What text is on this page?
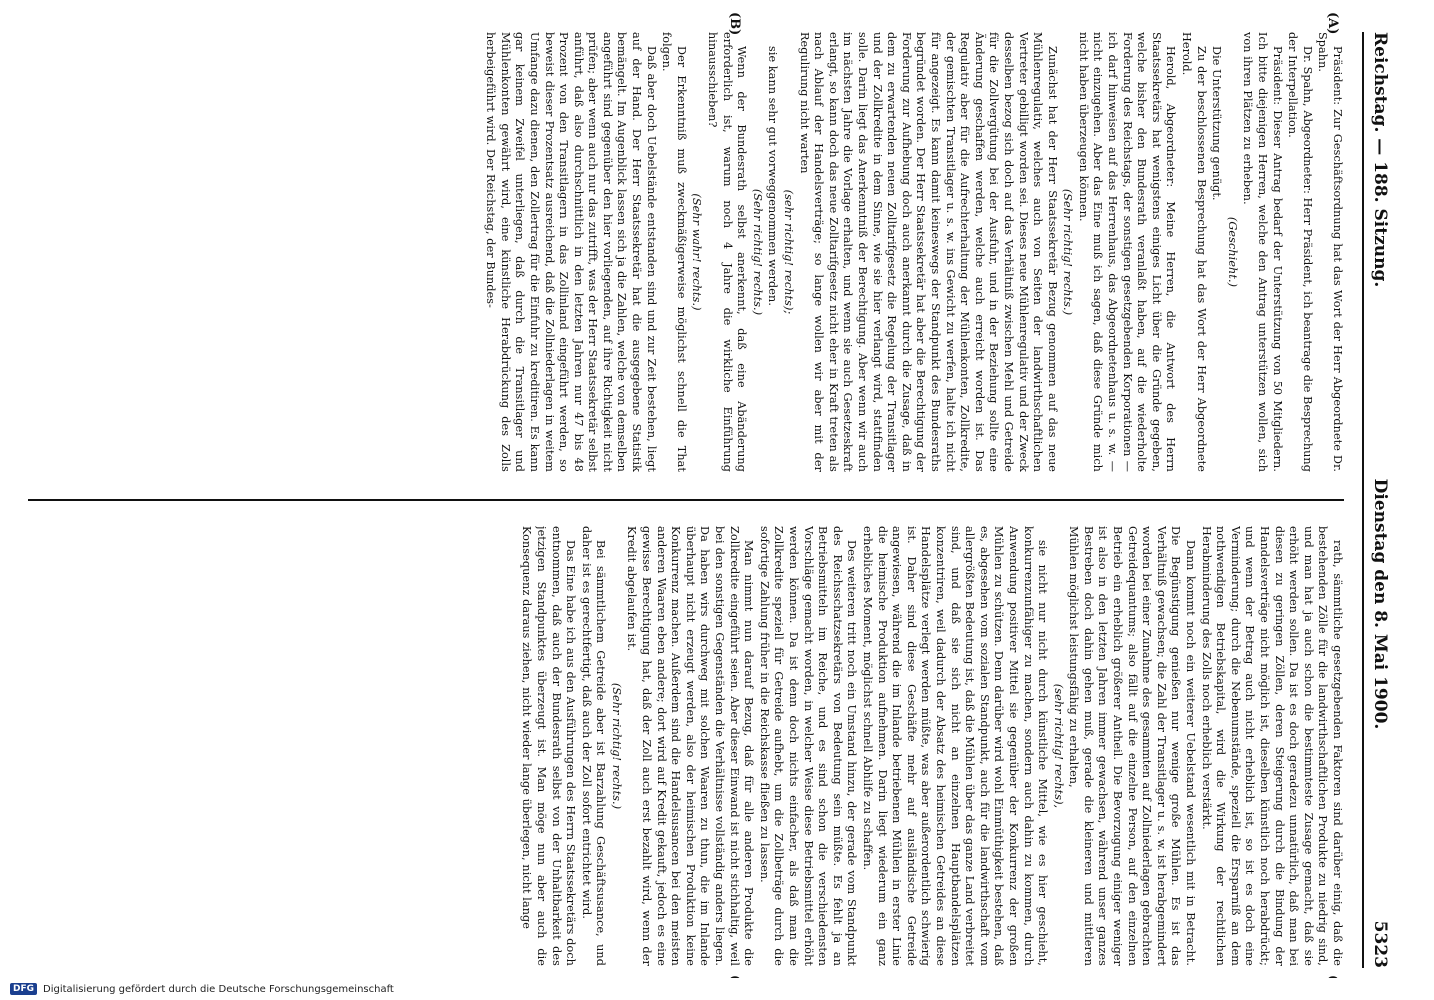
Reichstag. — 188. Sitzung.
Dienstag den 8. Mai 1900.
5323
(A)
(B)

Präsident: Zur Geschäftsordnung hat das Wort der Herr Abgeordnete Dr. Spahn.

Dr. Spahn, Abgeordneter: Herr Präsident, ich beantrage die Besprechung der Interpellation.

Präsident: Dieser Antrag bedarf der Unterstützung von 50 Mitgliedern. Ich bitte diejenigen Herren, welche den Antrag unterstützen wollen, sich von ihren Plätzen zu erheben.

(Geschieht.)

Die Unterstützung genügt.

Zu der beschlossenen Besprechung hat das Wort der Herr Abgeordnete Herold.

Herold, Abgeordneter: Meine Herren, die Antwort des Herrn Staatssekretärs hat wenigstens einiges Licht über die Gründe gegeben, welche bisher den Bundesrath veranlaßt haben, auf die wiederholte Forderung des Reichstags, der sonstigen gesetzgebenden Korporationen — ich darf hinweisen auf das Herrenhaus, das Abgeordnetenhaus u. s. w. — nicht einzugehen. Aber das Eine muß ich sagen, daß diese Gründe mich nicht haben überzeugen können.

(Sehr richtig! rechts.)

Zunächst hat der Herr Staatssekretär Bezug genommen auf das neue Mühlenregulativ, welches auch von Seiten der landwirthschaftlichen Vertreter gebilligt worden sei. Dieses neue Mühlenregulativ und der Zweck desselben bezog sich doch auf das Verhältniß zwischen Mehl und Getreide für die Zollvergütung bei der Ausfuhr, und in der Beziehung sollte eine Änderung geschaffen werden, welche auch erreicht worden ist. Das Regulativ aber für die Aufrechterhaltung der Mühlenkonten, Zollkredite, der gemischten Transitlager u. s. w. ins Gewicht zu werfen, halte ich nicht für angezeigt. Es kann damit keineswegs der Standpunkt des Bundesraths begründet worden. Der Herr Staatssekretär hat aber die Berechtigung der Forderung zur Aufhebung doch auch anerkannt durch die Zusage, daß in dem zu erwartenden neuen Zolltarifgesetz die Regelung der Transitlager und der Zollkredite in dem Sinne, wie sie hier verlangt wird, stattfinden solle. Darin liegt das Anerkenntniß der Berechtigung. Aber wenn wir auch im nächsten Jahre die Vorlage erhalten, und wenn sie auch Gesetzeskraft erlangt, so kann doch das neue Zolltarifgesetz nicht eher in Kraft treten als nach Ablauf der Handelsverträge; so lange wollen wir aber mit der Regulirung nicht warten

(sehr richtig! rechts);

sie kann sehr gut vorweggenommen werden.

(Sehr richtig! rechts.)

Wenn der Bundesrath selbst anerkennt, daß eine Abänderung erforderlich ist, warum noch 4 Jahre die wirkliche Einführung hinausschieben?

(Sehr wahr! rechts.)

Der Erkenntniß muß zweckmäßigerweise möglichst schnell die That folgen.

Daß aber doch Uebelstände entstanden sind und zur Zeit bestehen, liegt auf der Hand. Der Herr Staatssekretär hat die ausgegebene Statistik bemängelt. Im Augenblick lassen sich ja die Zahlen, welche von demselben angeführt sind gegenüber den hier vorliegenden, auf ihre Richtigkeit nicht prüfen; aber wenn auch nur das zutrifft, was der Herr Staatssekretär selbst anführt, daß also durchschnittlich in den letzten Jahren nur 47 bis 48 Prozent von den Transitlagern in das Zollinland eingeführt werden, so beweist dieser Prozentsatz ausreichend, daß die Zollniederlagen in weitem Umfange dazu dienen, den Zollertrag für die Einfuhr zu kreditiren. Es kann gar keinem Zweifel unterliegen, daß durch die Transitlager und Mühlenkonten gewährt wird, eine künstliche Herabdrückung des Zolls herbeigeführt wird. Der Reichstag, der Bundes-

rath, sämmtliche gesetzgebenden Faktoren sind darüber einig, daß die bestehenden Zölle für die landwirthschaftlichen Produkte zu niedrig sind, und man hat ja auch schon die bestimmteste Zusage gemacht, daß sie erhöht werden sollen. Da ist es doch geradezu unnatürlich, daß man bei diesen zu geringen Zöllen, deren Steigerung durch die Bindung der Handelsverträge nicht möglich ist, dieselben künstlich noch herabdrückt; und wenn der Betrag auch nicht erheblich ist, so ist es doch eine Verminderung; durch die Nebenumstände, speziell die Ersparniß an dem nothwendigen Betriebskapital, wird die Wirkung der rechtlichen Herabminderung des Zolls noch erheblich verstärkt.

Dann kommt noch ein weiterer Uebelstand wesentlich mit in Betracht. Die Begünstigung genießen nur wenige große Mühlen. Es ist das Verhältniß gewachsen; die Zahl der Transitlager u. s. w. ist herabgemindert worden bei einer Zunahme des gesammten auf Zollniederlagen gebrachten Getreidequantums; also fällt auf die einzelne Person, auf den einzelnen Betrieb ein erheblich größerer Antheil. Die Bevorzugung einiger weniger ist also in den letzten Jahren immer gewachsen, während unser ganzes Bestreben doch dahin gehen muß, gerade die kleineren und mittleren Mühlen möglichst leistungsfähig zu erhalten,

(sehr richtig! rechts),

sie nicht nur nicht durch künstliche Mittel, wie es hier geschieht, konkurrenzunfähiger zu machen, sondern auch dahin zu kommen, durch Anwendung positiver Mittel sie gegenüber der Konkurrenz der großen Mühlen zu schützen. Denn darüber wird wohl Einmüthigkeit bestehen, daß es, abgesehen vom sozialen Standpunkt, auch für die landwirthschaft vom allergrößten Bedeutung ist, daß die Mühlen über das ganze Land verbreitet sind, und daß sie sich nicht an einzelnen Hauptbandelsplätzen konzentriren, weil dadurch der Absatz des heimischen Getreides an diese Handelsplätze verlegt werden müßte, was aber außerordentlich schwierig ist. Daher sind diese Geschäfte mehr auf ausländische Getreide angewiesen, während die im Inlande betriebenen Mühlen in erster Linie die heimische Produktion aufnehmen. Darin liegt wiederum ein ganz erhebliches Moment, möglichst schnell Abhilfe zu schaffen.

Des weiteren tritt noch ein Umstand hinzu, der gerade vom Standpunkt des Reichsschatzsekretärs von Bedeutung sein müßte. Es fehlt ja an Betriebsmitteln im Reiche, und es sind schon die verschiedensten Vorschläge gemacht worden, in welcher Weise diese Betriebsmittel erhöht werden können. Da ist denn doch nichts einfacher, als daß man die Zollkredite speziell für Getreide aufhebt, um die Zollbeträge durch die sofortige Zahlung früher in die Reichskasse fließen zu lassen.

Man nimmt nun darauf Bezug, daß für alle anderen Produkte die Zollkredite eingeführt seien. Aber dieser Einwand ist nicht stichhaltig, weil bei den sonstigen Gegenständen die Verhältnisse vollständig anders liegen. Da haben wirs durchweg mit solchen Waaren zu thun, die im Inlande überhaupt nicht erzeugt werden, also der heimischen Produktion keine Konkurrenz machen. Außerdem sind die Handelsusancen bei den meisten anderen Waaren eben andere; dort wird auf Kredit gekauft, jedoch es eine gewisse Berechtigung hat, daß der Zoll auch erst bezahlt wird, wenn der Kredit abgelaufen ist.

(Sehr richtig! rechts.)

Bei sämmtlichem Getreide aber ist Barzahlung Geschäftsusance, und daher ist es gerechtfertigt, daß auch der Zoll sofort entrichtet wird.

Das Eine habe ich aus den Ausführungen des Herrn Staatssekretärs doch entnommen, daß auch der Bundesrath selbst von der Unhaltbarkeit des jetzigen Standpunktes überzeugt ist. Man möge nun aber auch die Konsequenz daraus ziehen, nicht wieder lange überlegen, nicht lange

DFG Digitalisierung gefördert durch die Deutsche Forschungsgemeinschaft
